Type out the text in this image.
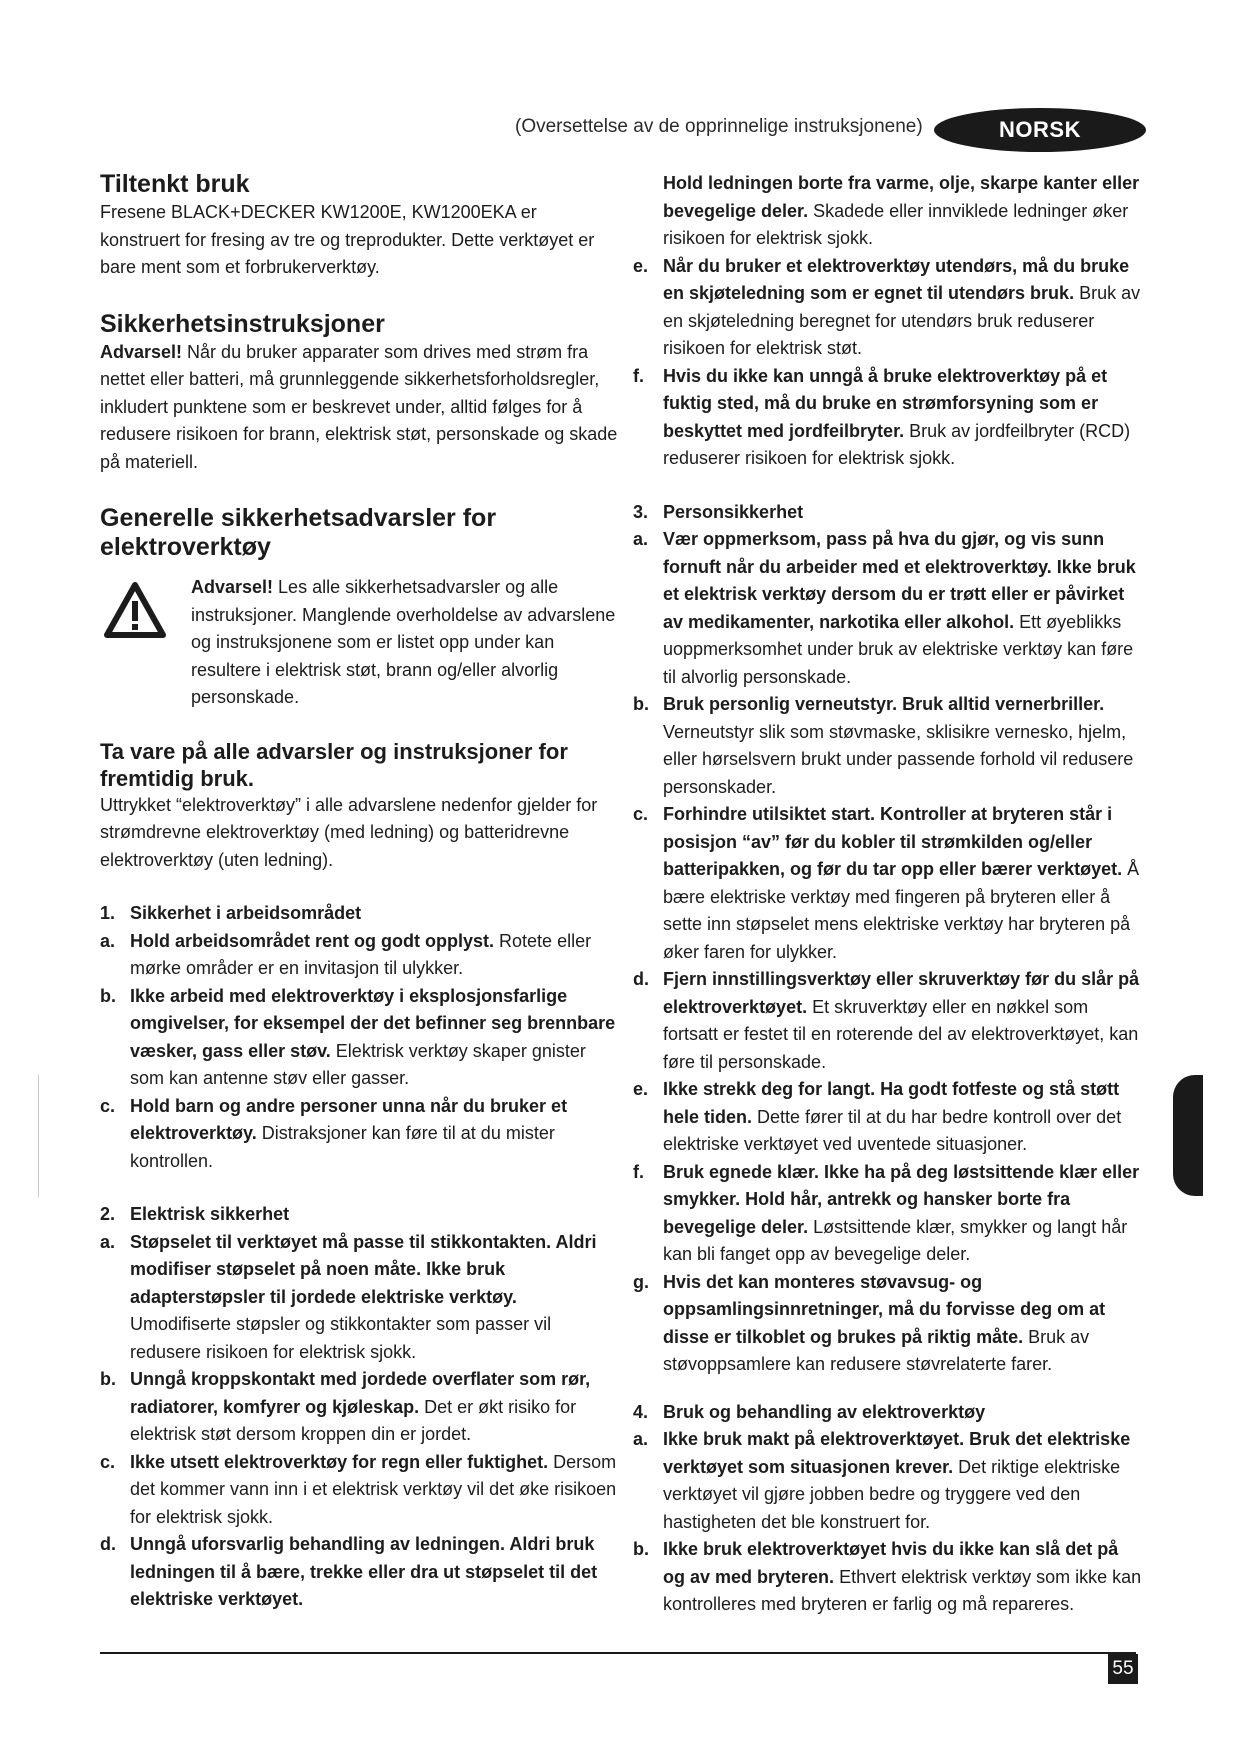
(Oversettelse av de opprinnelige instruksjonene)	NORSK
Tiltenkt bruk

Fresene BLACK+DECKER KW1200E, KW1200EKA er konstruert for fresing av tre og treprodukter. Dette verktøyet er bare ment som et forbrukerverktøy.

Sikkerhetsinstruksjoner

Advarsel! Når du bruker apparater som drives med strøm fra nettet eller batteri, må grunnleggende sikkerhetsforholdsregler, inkludert punktene som er beskrevet under, alltid følges for å redusere risikoen for brann, elektrisk støt, personskade og skade på materiell.

Generelle sikkerhetsadvarsler for elektroverktøy

Advarsel! Les alle sikkerhetsadvarsler og alle instruksjoner. Manglende overholdelse av advarslene og instruksjonene som er listet opp under kan resultere i elektrisk støt, brann og/eller alvorlig personskade.

Ta vare på alle advarsler og instruksjoner for fremtidig bruk.

Uttrykket “elektroverktøy” i alle advarslene nedenfor gjelder for strømdrevne elektroverktøy (med ledning) og batteridrevne elektroverktøy (uten ledning).

1. Sikkerhet i arbeidsområdet
a. Hold arbeidsområdet rent og godt opplyst. Rotete eller mørke områder er en invitasjon til ulykker.
b. Ikke arbeid med elektroverktøy i eksplosjonsfarlige omgivelser, for eksempel der det befinner seg brennbare væsker, gass eller støv. Elektrisk verktøy skaper gnister som kan antenne støv eller gasser.
c. Hold barn og andre personer unna når du bruker et elektroverktøy. Distraksjoner kan føre til at du mister kontrollen.
2. Elektrisk sikkerhet
a. Støpselet til verktøyet må passe til stikkontakten. Aldri modifiser støpselet på noen måte. Ikke bruk adapterstøpsler til jordede elektriske verktøy. Umodifiserte støpsler og stikkontakter som passer vil redusere risikoen for elektrisk sjokk.
b. Unngå kroppskontakt med jordede overflater som rør, radiatorer, komfyrer og kjøleskap. Det er økt risiko for elektrisk støt dersom kroppen din er jordet.
c. Ikke utsett elektroverktøy for regn eller fuktighet. Dersom det kommer vann inn i et elektrisk verktøy vil det øke risikoen for elektrisk sjokk.
d. Unngå uforsvarlig behandling av ledningen. Aldri bruk ledningen til å bære, trekke eller dra ut støpselet til det elektriske verktøyet.
Hold ledningen borte fra varme, olje, skarpe kanter eller bevegelige deler. Skadede eller innviklede ledninger øker risikoen for elektrisk sjokk.
e. Når du bruker et elektroverktøy utendørs, må du bruke en skjøteledning som er egnet til utendørs bruk. Bruk av en skjøteledning beregnet for utendørs bruk reduserer risikoen for elektrisk støt.
f. Hvis du ikke kan unngå å bruke elektroverktøy på et fuktig sted, må du bruke en strømforsyning som er beskyttet med jordfeilbryter. Bruk av jordfeilbryter (RCD) reduserer risikoen for elektrisk sjokk.
3. Personsikkerhet
a. Vær oppmerksom, pass på hva du gjør, og vis sunn fornuft når du arbeider med et elektroverktøy. Ikke bruk et elektrisk verktøy dersom du er trøtt eller er påvirket av medikamenter, narkotika eller alkohol. Ett øyeblikks uoppmerksomhet under bruk av elektriske verktøy kan føre til alvorlig personskade.
b. Bruk personlig verneutstyr. Bruk alltid vernerbriller. Verneutstyr slik som støvmaske, sklisikre vernesko, hjelm, eller hørselsvern brukt under passende forhold vil redusere personskader.
c. Forhindre utilsiktet start. Kontroller at bryteren står i posisjon “av” før du kobler til strømkilden og/eller batteripakken, og før du tar opp eller bærer verktøyet. Å bære elektriske verktøy med fingeren på bryteren eller å sette inn støpselet mens elektriske verktøy har bryteren på øker faren for ulykker.
d. Fjern innstillingsverktøy eller skruverktøy før du slår på elektroverktøyet. Et skruverktøy eller en nøkkel som fortsatt er festet til en roterende del av elektroverktøyet, kan føre til personskade.
e. Ikke strekk deg for langt. Ha godt fotfeste og stå støtt hele tiden. Dette fører til at du har bedre kontroll over det elektriske verktøyet ved uventede situasjoner.
f. Bruk egnede klær. Ikke ha på deg løstsittende klær eller smykker. Hold hår, antrekk og hansker borte fra bevegelige deler. Løstsittende klær, smykker og langt hår kan bli fanget opp av bevegelige deler.
g. Hvis det kan monteres støvavsug- og oppsamlingsinnretninger, må du forvisse deg om at disse er tilkoblet og brukes på riktig måte. Bruk av støvoppsamlere kan redusere støvrelaterte farer.
4. Bruk og behandling av elektroverktøy
a. Ikke bruk makt på elektroverktøyet. Bruk det elektriske verktøyet som situasjonen krever. Det riktige elektriske verktøyet vil gjøre jobben bedre og tryggere ved den hastigheten det ble konstruert for.
b. Ikke bruk elektroverktøyet hvis du ikke kan slå det på og av med bryteren. Ethvert elektrisk verktøy som ikke kan kontrolleres med bryteren er farlig og må repareres.
55
